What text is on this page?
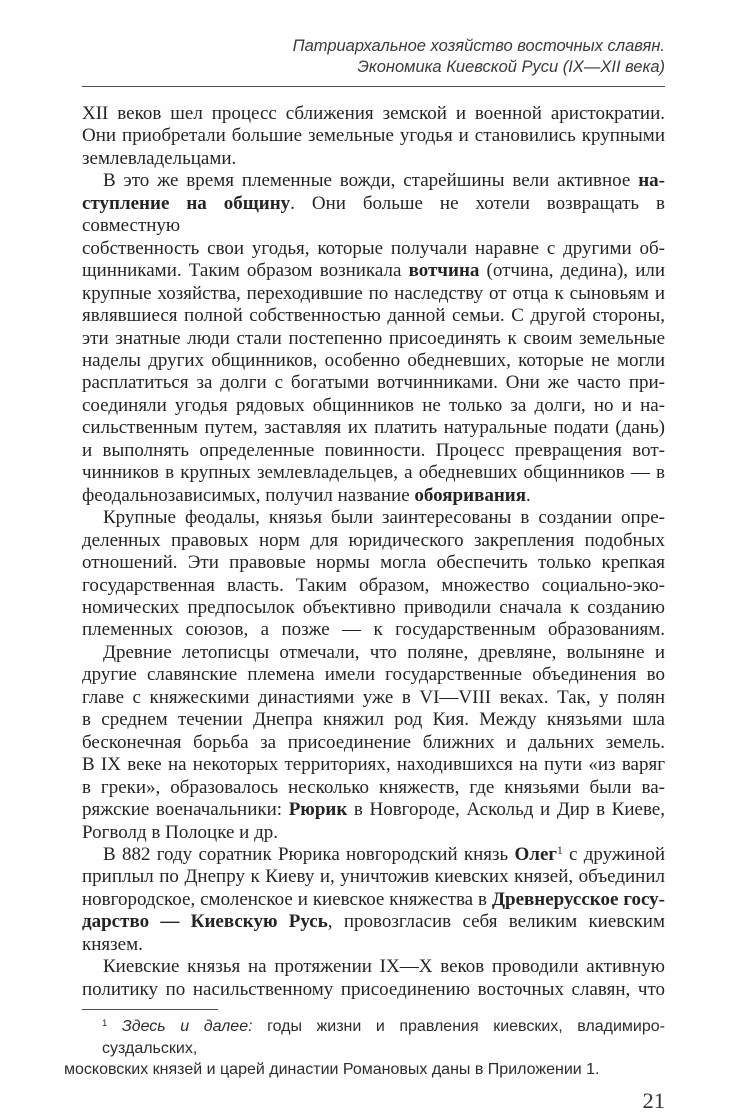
Патриархальное хозяйство восточных славян.
Экономика Киевской Руси (IX—XII века)
XII веков шел процесс сближения земской и военной аристократии.
Они приобретали большие земельные угодья и становились крупными
землевладельцами.
В это же время племенные вожди, старейшины вели активное на-
ступление на общину. Они больше не хотели возвращать в совместную
собственность свои угодья, которые получали наравне с другими об-
щинниками. Таким образом возникала вотчина (отчина, дедина), или
крупные хозяйства, переходившие по наследству от отца к сыновьям и
являвшиеся полной собственностью данной семьи. С другой стороны,
эти знатные люди стали постепенно присоединять к своим земельные
наделы других общинников, особенно обедневших, которые не могли
расплатиться за долги с богатыми вотчинниками. Они же часто при-
соединяли угодья рядовых общинников не только за долги, но и на-
сильственным путем, заставляя их платить натуральные подати (дань)
и выполнять определенные повинности. Процесс превращения вот-
чинников в крупных землевладельцев, а обедневших общинников — в
феодальнозависимых, получил название обояривания.
Крупные феодалы, князья были заинтересованы в создании опре-
деленных правовых норм для юридического закрепления подобных
отношений. Эти правовые нормы могла обеспечить только крепкая
государственная власть. Таким образом, множество социально-эко-
номических предпосылок объективно приводили сначала к созданию
племенных союзов, а позже — к государственным образованиям.
Древние летописцы отмечали, что поляне, древляне, волыняне и
другие славянские племена имели государственные объединения во
главе с княжескими династиями уже в VI—VIII веках. Так, у полян
в среднем течении Днепра княжил род Кия. Между князьями шла
бесконечная борьба за присоединение ближних и дальних земель.
В IX веке на некоторых территориях, находившихся на пути «из варяг
в греки», образовалось несколько княжеств, где князьями были ва-
ряжские военачальники: Рюрик в Новгороде, Аскольд и Дир в Киеве,
Рогволд в Полоцке и др.
В 882 году соратник Рюрика новгородский князь Олег$^1$ с дружиной
приплыл по Днепру к Киеву и, уничтожив киевских князей, объединил
новгородское, смоленское и киевское княжества в Древнерусское госу-
дарство — Киевскую Русь, провозгласив себя великим киевским князем.
Киевские князья на протяжении IX—X веков проводили активную
политику по насильственному присоединению восточных славян, что
$^1$ Здесь и далее: годы жизни и правления киевских, владимиро-суздальских,
московских князей и царей династии Романовых даны в Приложении 1.
21
